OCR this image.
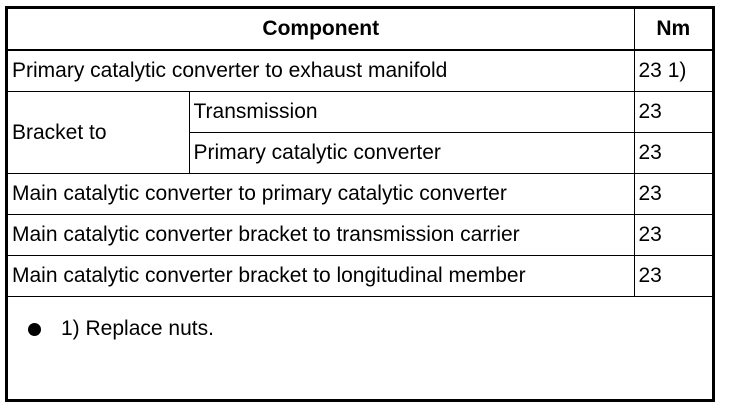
Component		Nm
Primary catalytic converter to exhaust manifold		23 1)
Bracket to	Transmission	23
	Primary catalytic converter	23
Main catalytic converter to primary catalytic converter		23
Main catalytic converter bracket to transmission carrier		23
Main catalytic converter bracket to longitudinal member		23
1) Replace nuts.
